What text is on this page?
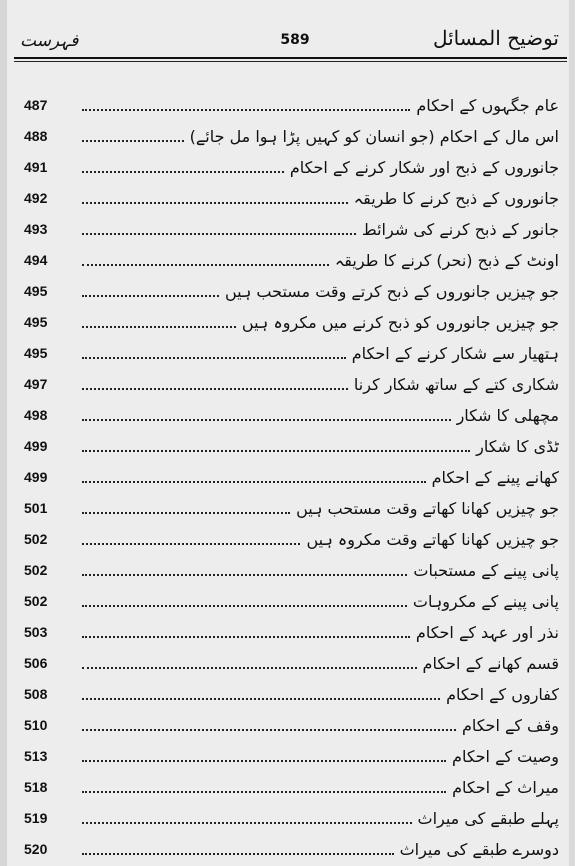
فہرست	589	توضیح المسائل
487	عام جگہوں کے احکام
488	اس مال کے احکام (جو انسان کو کہیں پڑا ہوا مل جائے)
491	جانوروں کے ذبح اور شکار کرنے کے احکام
492	جانوروں کے ذبح کرنے کا طریقہ
493	جانور کے ذبح کرنے کی شرائط
494	اونٹ کے ذبح (نحر) کرنے کا طریقہ
495	جو چیزیں جانوروں کے ذبح کرتے وقت مستحب ہیں
495	جو چیزیں جانوروں کو ذبح کرنے میں مکروہ ہیں
495	ہتھیار سے شکار کرنے کے احکام
497	شکاری کتے کے ساتھ شکار کرنا
498	مچھلی کا شکار
499	ٹڈی کا شکار
499	کھانے پینے کے احکام
501	جو چیزیں کھانا کھاتے وقت مستحب ہیں
502	جو چیزیں کھانا کھاتے وقت مکروہ ہیں
502	پانی پینے کے مستحبات
502	پانی پینے کے مکروہات
503	نذر اور عہد کے احکام
506	قسم کھانے کے احکام
508	کفاروں کے احکام
510	وقف کے احکام
513	وصیت کے احکام
518	میراث کے احکام
519	پہلے طبقے کی میراث
520	دوسرے طبقے کی میراث
